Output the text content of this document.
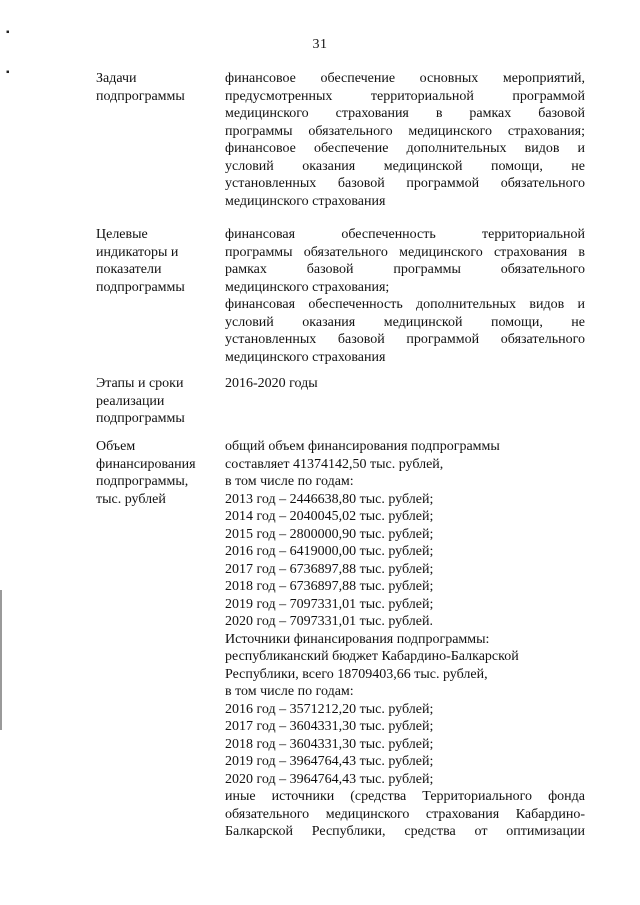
31
▪
▪	Задачи
подпрограммы
финансовое обеспечение основных мероприятий,
предусмотренных территориальной программой
медицинского страхования в рамках базовой
программы обязательного медицинского страхования;
финансовое обеспечение дополнительных видов и
условий оказания медицинской помощи, не
установленных базовой программой обязательного
медицинского страхования
Целевые
индикаторы и
показатели
подпрограммы
финансовая обеспеченность территориальной
программы обязательного медицинского страхования в
рамках базовой программы обязательного
медицинского страхования;
финансовая обеспеченность дополнительных видов и
условий оказания медицинской помощи, не
установленных базовой программой обязательного
медицинского страхования
Этапы и сроки
реализации
подпрограммы
2016-2020 годы
Объем
финансирования
подпрограммы,
тыс. рублей
общий объем финансирования подпрограммы
составляет 41374142,50 тыс. рублей,
в том числе по годам:
2013 год – 2446638,80 тыс. рублей;
2014 год – 2040045,02 тыс. рублей;
2015 год – 2800000,90 тыс. рублей;
2016 год – 6419000,00 тыс. рублей;
2017 год – 6736897,88 тыс. рублей;
2018 год – 6736897,88 тыс. рублей;
2019 год – 7097331,01 тыс. рублей;
2020 год – 7097331,01 тыс. рублей.
Источники финансирования подпрограммы:
республиканский бюджет Кабардино-Балкарской
Республики, всего 18709403,66 тыс. рублей,
в том числе по годам:
2016 год – 3571212,20 тыс. рублей;
2017 год – 3604331,30 тыс. рублей;
2018 год – 3604331,30 тыс. рублей;
2019 год – 3964764,43 тыс. рублей;
2020 год – 3964764,43 тыс. рублей;
иные источники (средства Территориального фонда
обязательного медицинского страхования Кабардино-
Балкарской Республики, средства от оптимизации
